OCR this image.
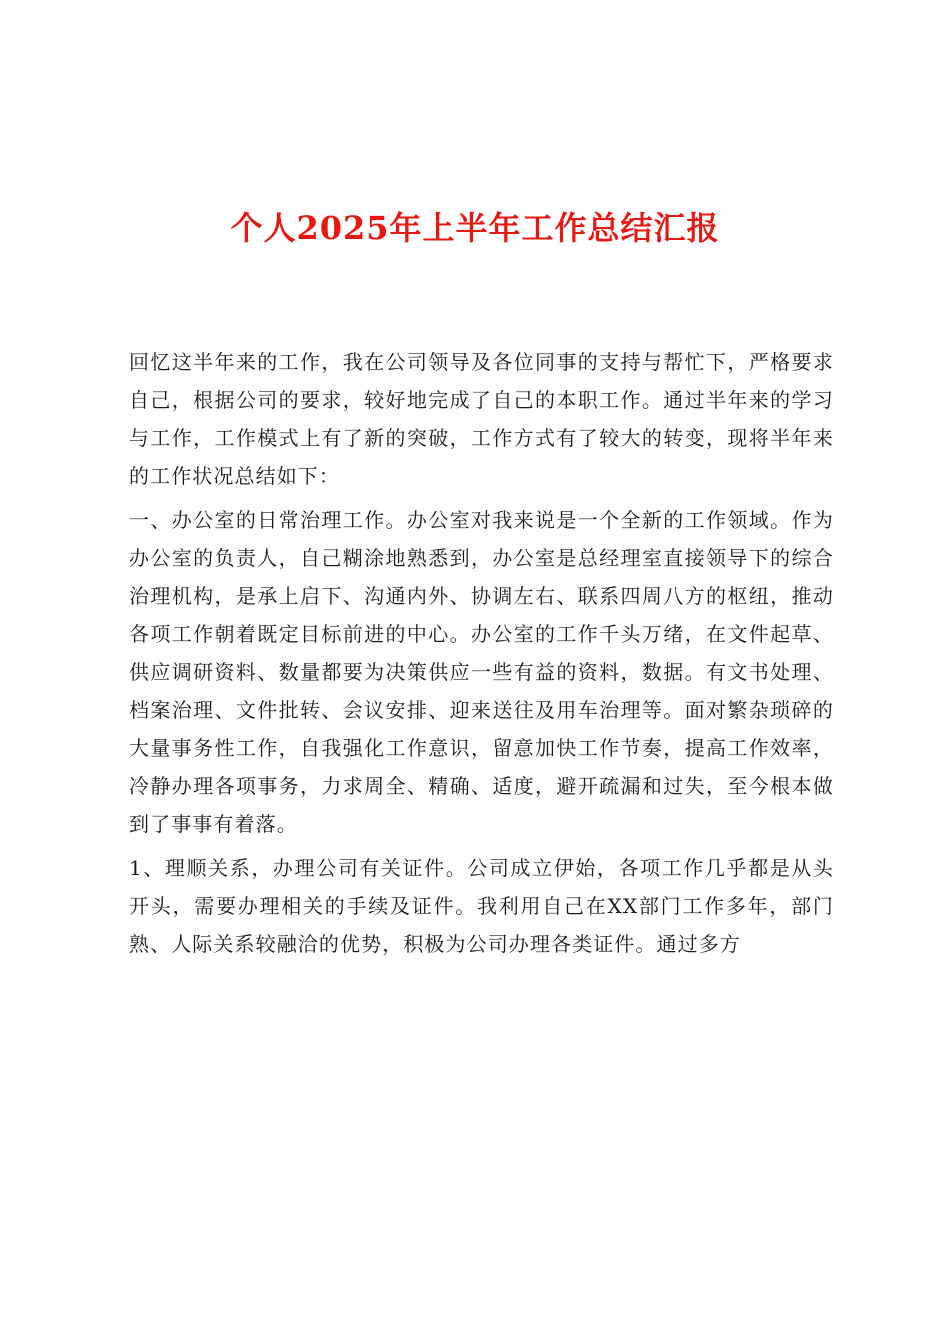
个人2025年上半年工作总结汇报

回忆这半年来的工作，我在公司领导及各位同事的支持与帮忙下，严格要求自己，根据公司的要求，较好地完成了自己的本职工作。通过半年来的学习与工作，工作模式上有了新的突破，工作方式有了较大的转变，现将半年来的工作状况总结如下：

一、办公室的日常治理工作。办公室对我来说是一个全新的工作领域。作为办公室的负责人，自己糊涂地熟悉到，办公室是总经理室直接领导下的综合治理机构，是承上启下、沟通内外、协调左右、联系四周八方的枢纽，推动各项工作朝着既定目标前进的中心。办公室的工作千头万绪，在文件起草、供应调研资料、数量都要为决策供应一些有益的资料，数据。有文书处理、档案治理、文件批转、会议安排、迎来送往及用车治理等。面对繁杂琐碎的大量事务性工作，自我强化工作意识，留意加快工作节奏，提高工作效率，冷静办理各项事务，力求周全、精确、适度，避开疏漏和过失，至今根本做到了事事有着落。

1、理顺关系，办理公司有关证件。公司成立伊始，各项工作几乎都是从头开头，需要办理相关的手续及证件。我利用自己在XX部门工作多年，部门熟、人际关系较融洽的优势，积极为公司办理各类证件。通过多方
